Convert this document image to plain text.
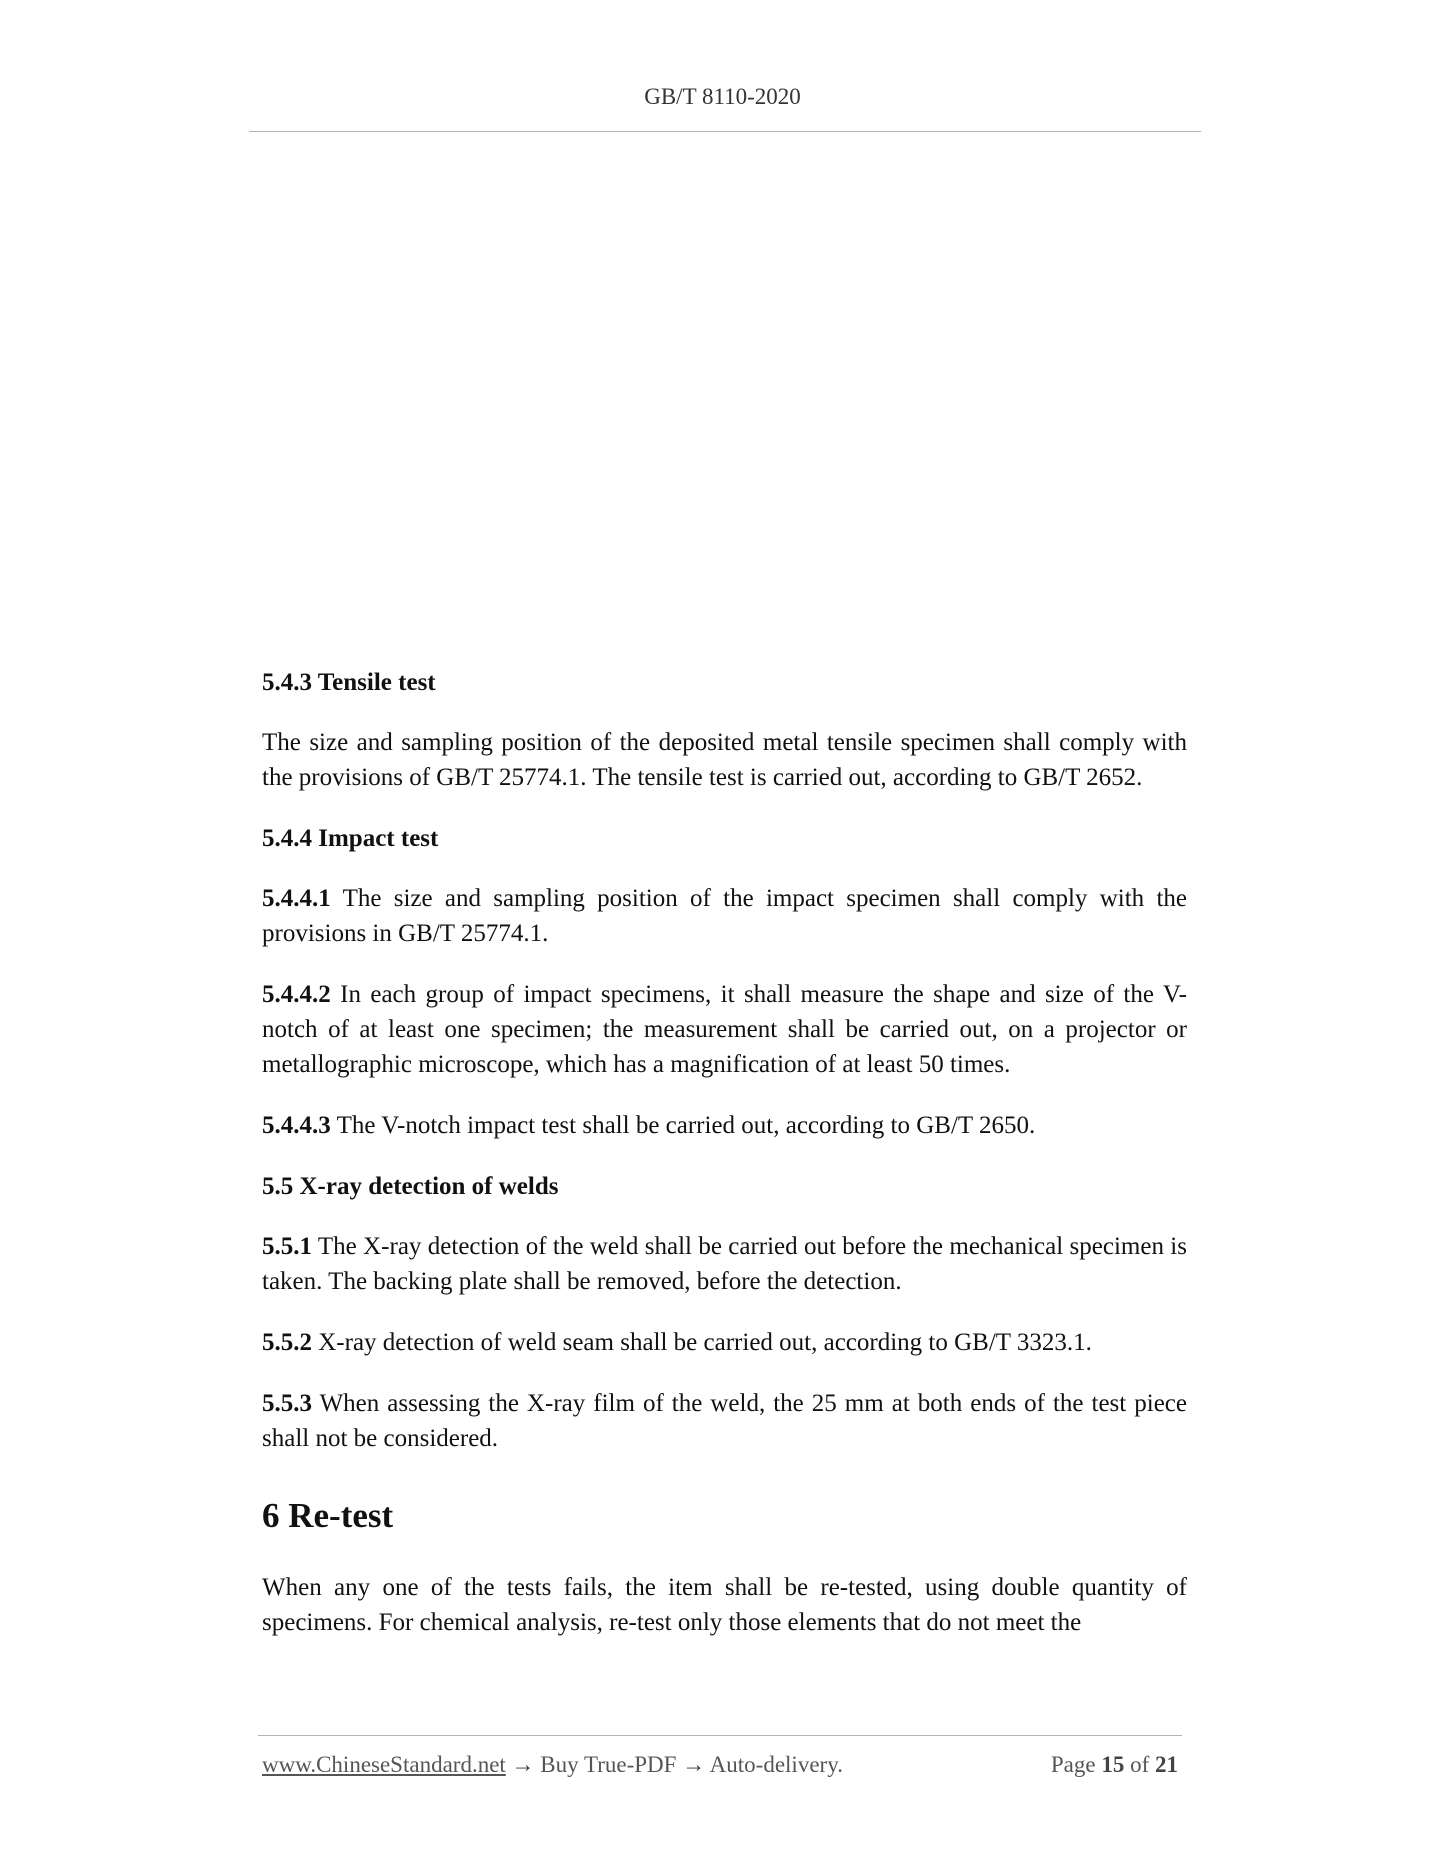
GB/T 8110-2020
5.4.3 Tensile test
The size and sampling position of the deposited metal tensile specimen shall comply with the provisions of GB/T 25774.1. The tensile test is carried out, according to GB/T 2652.
5.4.4 Impact test
5.4.4.1 The size and sampling position of the impact specimen shall comply with the provisions in GB/T 25774.1.
5.4.4.2 In each group of impact specimens, it shall measure the shape and size of the V-notch of at least one specimen; the measurement shall be carried out, on a projector or metallographic microscope, which has a magnification of at least 50 times.
5.4.4.3 The V-notch impact test shall be carried out, according to GB/T 2650.
5.5 X-ray detection of welds
5.5.1 The X-ray detection of the weld shall be carried out before the mechanical specimen is taken. The backing plate shall be removed, before the detection.
5.5.2 X-ray detection of weld seam shall be carried out, according to GB/T 3323.1.
5.5.3 When assessing the X-ray film of the weld, the 25 mm at both ends of the test piece shall not be considered.
6 Re-test
When any one of the tests fails, the item shall be re-tested, using double quantity of specimens. For chemical analysis, re-test only those elements that do not meet the
www.ChineseStandard.net → Buy True-PDF → Auto-delivery.	Page 15 of 21
